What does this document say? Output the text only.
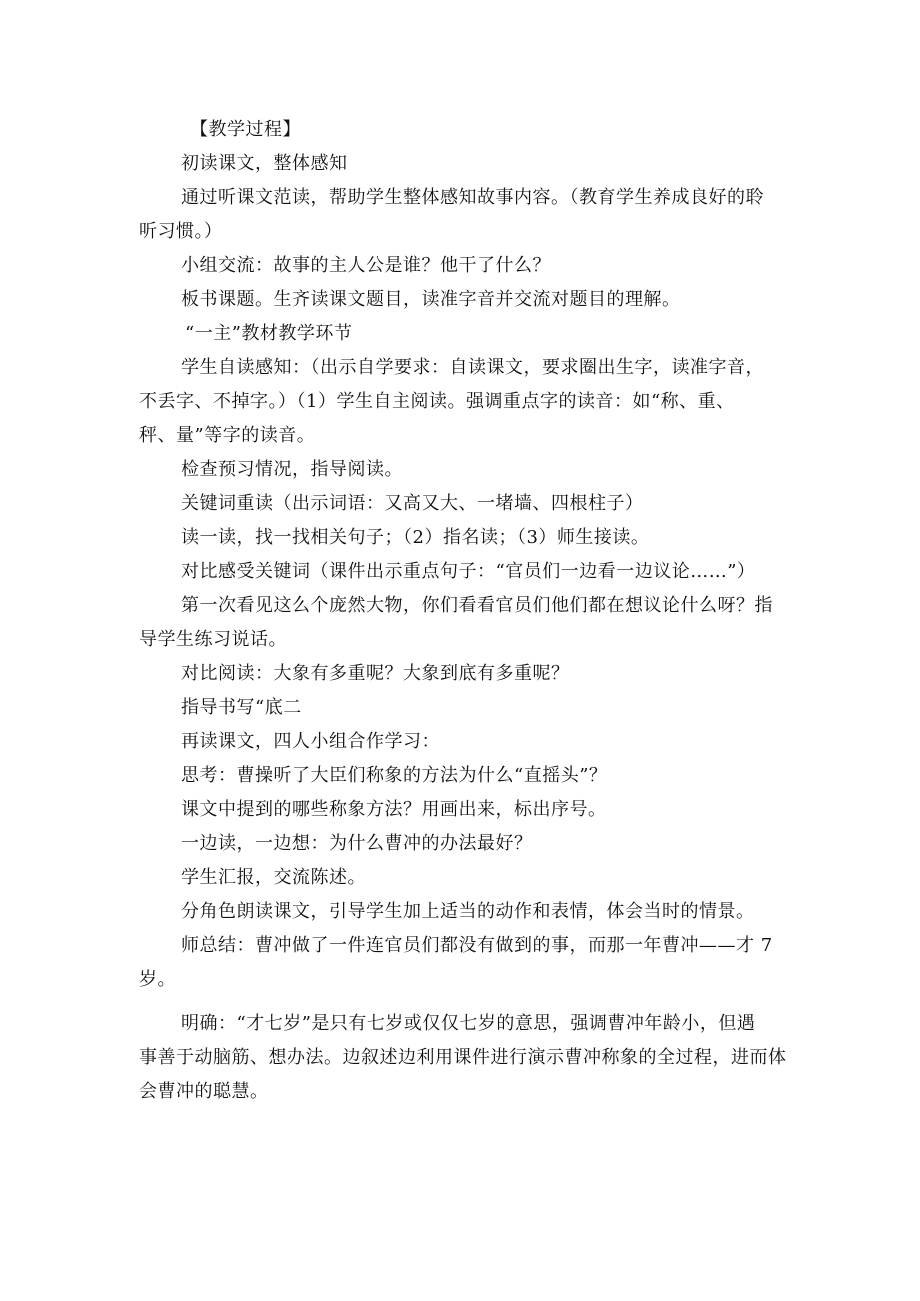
【教学过程】
初读课文，整体感知
通过听课文范读，帮助学生整体感知故事内容。（教育学生养成良好的聆
听习惯。）
小组交流：故事的主人公是谁？他干了什么？
板书课题。生齐读课文题目，读准字音并交流对题目的理解。
“一主”教材教学环节
学生自读感知：（出示自学要求：自读课文，要求圈出生字，读准字音，
不丢字、不掉字。）（1）学生自主阅读。强调重点字的读音：如“称、重、
秤、量”等字的读音。
检查预习情况，指导阅读。
关键词重读（出示词语：又高又大、一堵墙、四根柱子）
读一读，找一找相关句子；（2）指名读；（3）师生接读。
对比感受关键词（课件出示重点句子：“官员们一边看一边议论……”）
第一次看见这么个庞然大物，你们看看官员们他们都在想议论什么呀？指
导学生练习说话。
对比阅读：大象有多重呢？大象到底有多重呢？
指导书写“底二
再读课文，四人小组合作学习：
思考：曹操听了大臣们称象的方法为什么“直摇头”？
课文中提到的哪些称象方法？用画出来，标出序号。
一边读，一边想：为什么曹冲的办法最好？
学生汇报，交流陈述。
分角色朗读课文，引导学生加上适当的动作和表情，体会当时的情景。
师总结：曹冲做了一件连官员们都没有做到的事，而那一年曹冲——才 7
岁。
明确：“才七岁”是只有七岁或仅仅七岁的意思，强调曹冲年龄小，但遇
事善于动脑筋、想办法。边叙述边利用课件进行演示曹冲称象的全过程，进而体
会曹冲的聪慧。
